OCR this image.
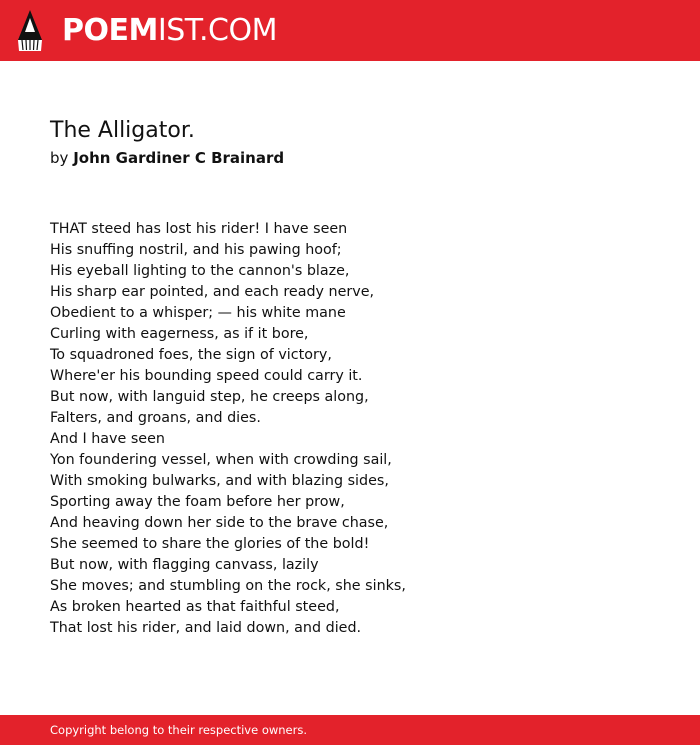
POEMIST.COM
The Alligator.

by John Gardiner C Brainard

THAT steed has lost his rider! I have seen
His snuffing nostril, and his pawing hoof;
His eyeball lighting to the cannon's blaze,
His sharp ear pointed, and each ready nerve,
Obedient to a whisper; — his white mane
Curling with eagerness, as if it bore,
To squadroned foes, the sign of victory,
Where'er his bounding speed could carry it.
But now, with languid step, he creeps along,
Falters, and groans, and dies.
And I have seen
Yon foundering vessel, when with crowding sail,
With smoking bulwarks, and with blazing sides,
Sporting away the foam before her prow,
And heaving down her side to the brave chase,
She seemed to share the glories of the bold!
But now, with flagging canvass, lazily
She moves; and stumbling on the rock, she sinks,
As broken hearted as that faithful steed,
That lost his rider, and laid down, and died.
Copyright belong to their respective owners.
